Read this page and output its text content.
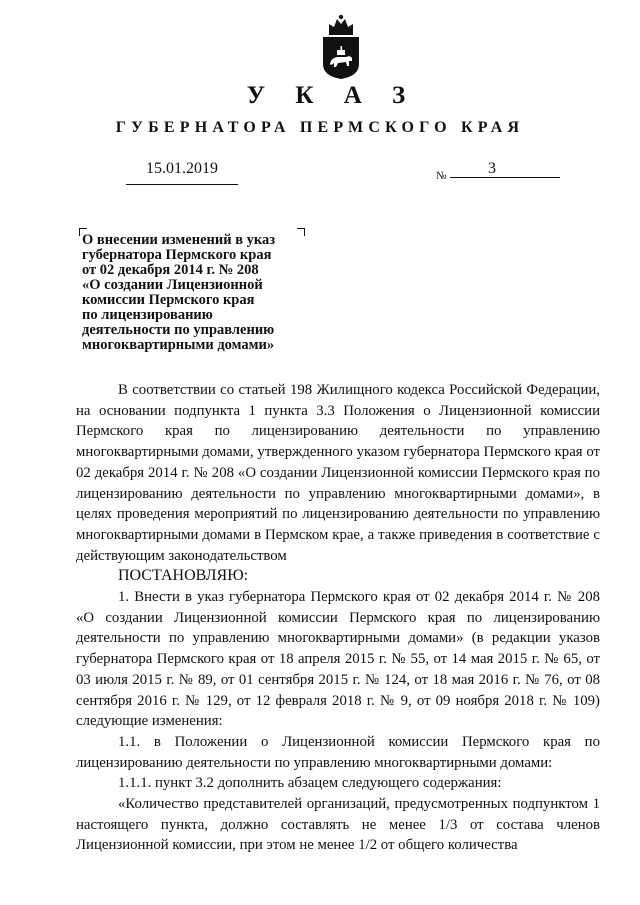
У К А З
ГУБЕРНАТОРА ПЕРМСКОГО КРАЯ
15.01.2019	№	3
О внесении изменений в указ
губернатора Пермского края
от 02 декабря 2014 г. № 208
«О создании Лицензионной
комиссии Пермского края
по лицензированию
деятельности по управлению
многоквартирными домами»

В соответствии со статьей 198 Жилищного кодекса Российской Федерации, на основании подпункта 1 пункта 3.3 Положения о Лицензионной комиссии Пермского края по лицензированию деятельности по управлению многоквартирными домами, утвержденного указом губернатора Пермского края от 02 декабря 2014 г. № 208 «О создании Лицензионной комиссии Пермского края по лицензированию деятельности по управлению многоквартирными домами», в целях проведения мероприятий по лицензированию деятельности по управлению многоквартирными домами в Пермском крае, а также приведения в соответствие с действующим законодательством

ПОСТАНОВЛЯЮ:

1. Внести в указ губернатора Пермского края от 02 декабря 2014 г. № 208 «О создании Лицензионной комиссии Пермского края по лицензированию деятельности по управлению многоквартирными домами» (в редакции указов губернатора Пермского края от 18 апреля 2015 г. № 55, от 14 мая 2015 г. № 65, от 03 июля 2015 г. № 89, от 01 сентября 2015 г. № 124, от 18 мая 2016 г. № 76, от 08 сентября 2016 г. № 129, от 12 февраля 2018 г. № 9, от 09 ноября 2018 г. № 109) следующие изменения:

1.1. в Положении о Лицензионной комиссии Пермского края по лицензированию деятельности по управлению многоквартирными домами:

1.1.1. пункт 3.2 дополнить абзацем следующего содержания:

«Количество представителей организаций, предусмотренных подпунктом 1 настоящего пункта, должно составлять не менее 1/3 от состава членов Лицензионной комиссии, при этом не менее 1/2 от общего количества
